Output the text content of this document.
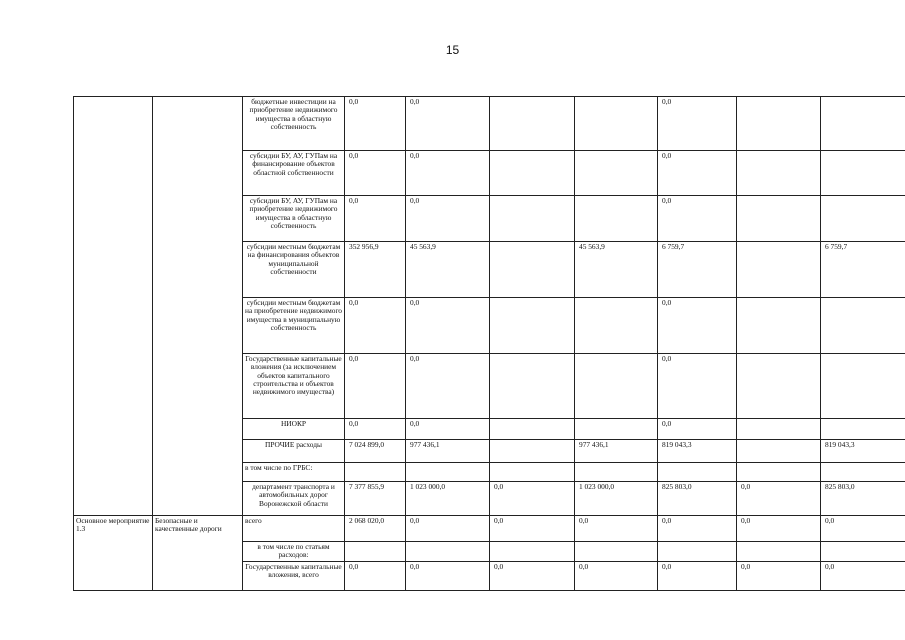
15
		бюджетные инвестиции на приобретение недвижимого имущества в областную собственность	0,0	0,0			0,0		
		субсидии БУ, АУ, ГУПам на финансирование объектов областной собственности	0,0	0,0			0,0		
		субсидии БУ, АУ, ГУПам на приобретение недвижимого имущества в областную собственность	0,0	0,0			0,0		
		субсидии местным бюджетам на финансирования объектов муниципальной собственности	352 956,9	45 563,9		45 563,9	6 759,7		6 759,7
		субсидии местным бюджетам на приобретение недвижимого имущества в муниципальную собственность	0,0	0,0			0,0		
		Государственные капитальные вложения (за исключением объектов капитального строительства и объектов недвижимого имущества)	0,0	0,0			0,0		
		НИОКР	0,0	0,0			0,0		
		ПРОЧИЕ расходы	7 024 899,0	977 436,1		977 436,1	819 043,3		819 043,3
		в том числе по ГРБС:							
		департамент транспорта и автомобильных дорог Воронежской области	7 377 855,9	1 023 000,0	0,0	1 023 000,0	825 803,0	0,0	825 803,0
Основное мероприятие 1.3	Безопасные и качественные дороги	всего	2 068 020,0	0,0	0,0	0,0	0,0	0,0	0,0
		в том числе по статьям расходов:							
		Государственные капитальные вложения, всего	0,0	0,0	0,0	0,0	0,0	0,0	0,0
